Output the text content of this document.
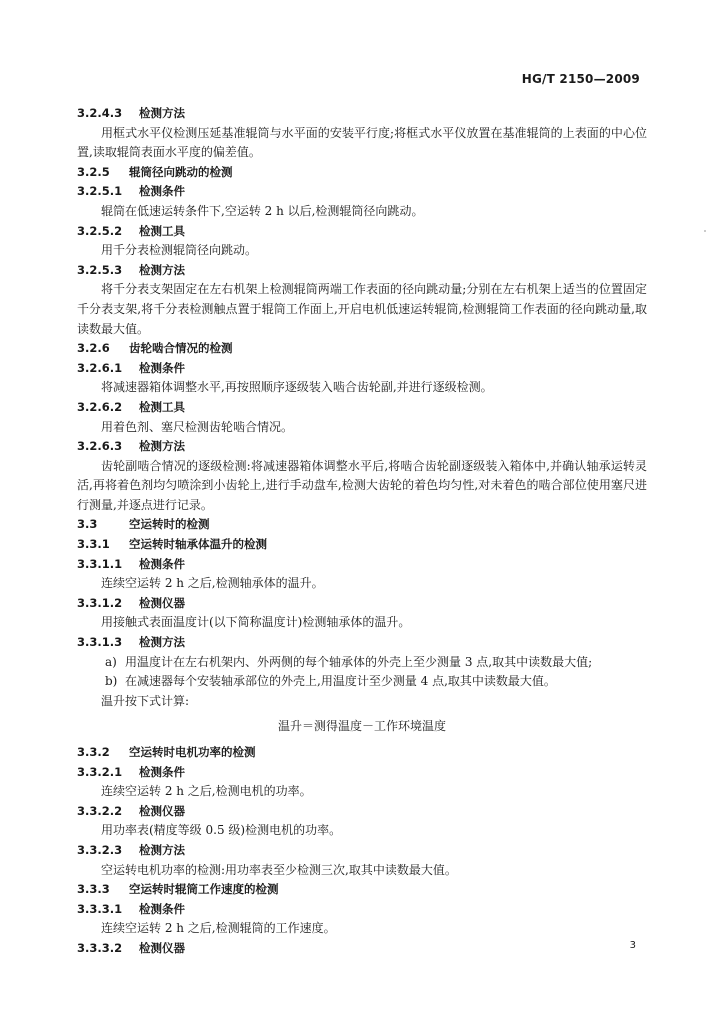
HG/T 2150—2009
3.2.4.3 检测方法
用框式水平仪检测压延基准辊筒与水平面的安装平行度;将框式水平仪放置在基准辊筒的上表面的中心位置,读取辊筒表面水平度的偏差值。
3.2.5 辊筒径向跳动的检测
3.2.5.1 检测条件
辊筒在低速运转条件下,空运转 2 h 以后,检测辊筒径向跳动。
3.2.5.2 检测工具
用千分表检测辊筒径向跳动。
3.2.5.3 检测方法
将千分表支架固定在左右机架上检测辊筒两端工作表面的径向跳动量;分别在左右机架上适当的位置固定千分表支架,将千分表检测触点置于辊筒工作面上,开启电机低速运转辊筒,检测辊筒工作表面的径向跳动量,取读数最大值。
3.2.6 齿轮啮合情况的检测
3.2.6.1 检测条件
将减速器箱体调整水平,再按照顺序逐级装入啮合齿轮副,并进行逐级检测。
3.2.6.2 检测工具
用着色剂、塞尺检测齿轮啮合情况。
3.2.6.3 检测方法
齿轮副啮合情况的逐级检测:将减速器箱体调整水平后,将啮合齿轮副逐级装入箱体中,并确认轴承运转灵活,再将着色剂均匀喷涂到小齿轮上,进行手动盘车,检测大齿轮的着色均匀性,对未着色的啮合部位使用塞尺进行测量,并逐点进行记录。
3.3	空运转时的检测
3.3.1 空运转时轴承体温升的检测
3.3.1.1 检测条件
连续空运转 2 h 之后,检测轴承体的温升。
3.3.1.2 检测仪器
用接触式表面温度计(以下简称温度计)检测轴承体的温升。
3.3.1.3 检测方法
a) 用温度计在左右机架内、外两侧的每个轴承体的外壳上至少测量 3 点,取其中读数最大值;
b) 在减速器每个安装轴承部位的外壳上,用温度计至少测量 4 点,取其中读数最大值。
温升按下式计算:
温升＝测得温度－工作环境温度
3.3.2 空运转时电机功率的检测
3.3.2.1 检测条件
连续空运转 2 h 之后,检测电机的功率。
3.3.2.2 检测仪器
用功率表(精度等级 0.5 级)检测电机的功率。
3.3.2.3 检测方法
空运转电机功率的检测:用功率表至少检测三次,取其中读数最大值。
3.3.3 空运转时辊筒工作速度的检测
3.3.3.1 检测条件
连续空运转 2 h 之后,检测辊筒的工作速度。
3.3.3.2 检测仪器	3
